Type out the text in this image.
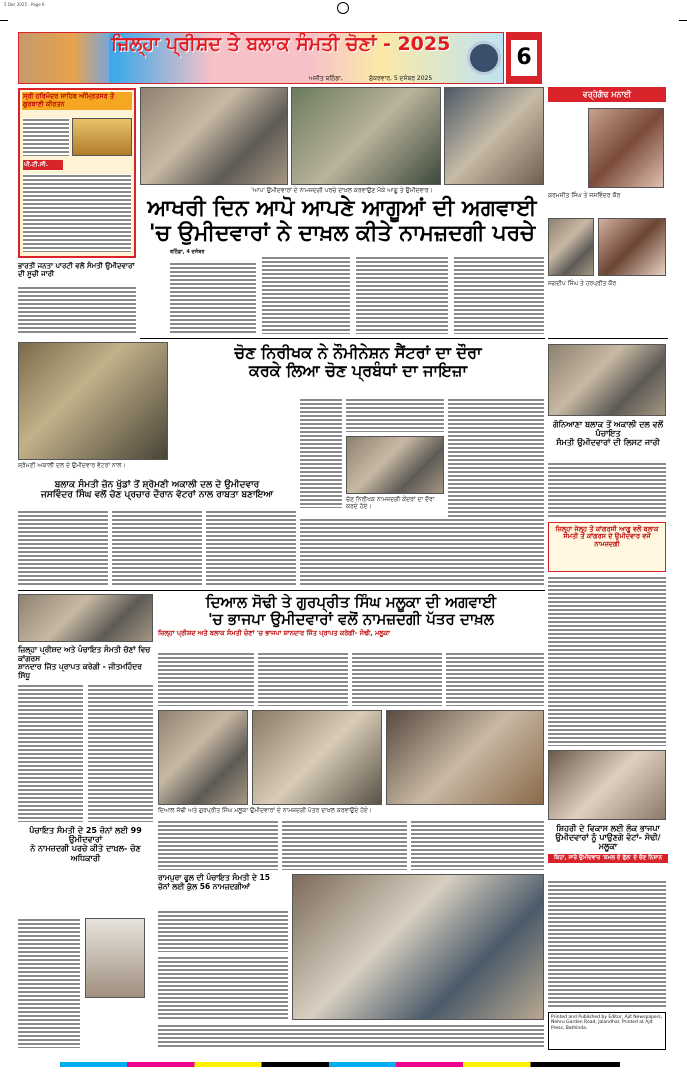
5 Dec 2025 - Page 6
ਜ਼ਿਲ੍ਹਾ ਪ੍ਰੀਸ਼ਦ ਤੇ ਬਲਾਕ ਸੰਮਤੀ ਚੋਣਾਂ - 2025
ਅਜੀਤ ਬਠਿੰਡਾ,	ਸ਼ੁੱਕਰਵਾਰ, 5 ਦਸੰਬਰ 2025
6
ਸ੍ਰੀ ਹਰਿਮੰਦਰ ਸਾਹਿਬ ਅੰਮ੍ਰਿਤਸਰ ਤੋਂ ਗੁਰਬਾਣੀ ਕੀਰਤਨ
ਪੀ.ਟੀ.ਸੀ.
ਭਾਰਤੀ ਜਨਤਾ ਪਾਰਟੀ ਵਲੋਂ ਸੰਮਤੀ ਉਮੀਦਵਾਰਾਂ ਦੀ ਸੂਚੀ ਜਾਰੀ
'ਆਪ' ਉਮੀਦਵਾਰਾਂ ਦੇ ਨਾਮਜ਼ਦਗੀ ਪਰਚੇ ਦਾਖ਼ਲ ਕਰਵਾਉਣ ਮੌਕੇ ਆਗੂ ਤੇ ਉਮੀਦਵਾਰ।
ਆਖਰੀ ਦਿਨ ਆਪੋ ਆਪਣੇ ਆਗੂਆਂ ਦੀ ਅਗਵਾਈ
'ਚ ਉਮੀਦਵਾਰਾਂ ਨੇ ਦਾਖ਼ਲ ਕੀਤੇ ਨਾਮਜ਼ਦਗੀ ਪਰਚੇ
ਬਠਿੰਡਾ, 4 ਦਸੰਬਰ
ਵਰ੍ਹੇਗੰਢ ਮਨਾਈ
ਕਰਮਜੀਤ ਸਿੰਘ ਤੇ ਜਸਵਿੰਦਰ ਕੌਰ
ਜਗਦੀਪ ਸਿੰਘ ਤੇ ਹਰਪ੍ਰੀਤ ਕੌਰ
ਸ਼੍ਰੋਮਣੀ ਅਕਾਲੀ ਦਲ ਦੇ ਉਮੀਦਵਾਰ ਵੋਟਰਾਂ ਨਾਲ।
ਚੋਣ ਨਿਰੀਖਕ ਨੇ ਨੌਮੀਨੇਸ਼ਨ ਸੈਂਟਰਾਂ ਦਾ ਦੌਰਾ
ਕਰਕੇ ਲਿਆ ਚੋਣ ਪ੍ਰਬੰਧਾਂ ਦਾ ਜਾਇਜ਼ਾ
ਚੋਣ ਨਿਰੀਖਕ ਨਾਮਜ਼ਦਗੀ ਕੇਂਦਰਾਂ ਦਾ ਦੌਰਾ ਕਰਦੇ ਹੋਏ।
ਗੋਨਿਆਣਾ ਬਲਾਕ ਤੋਂ ਅਕਾਲੀ ਦਲ ਵਲੋਂ ਪੰਚਾਇਤ
ਸੰਮਤੀ ਉਮੀਦਵਾਰਾਂ ਦੀ ਲਿਸਟ ਜਾਰੀ
ਬਲਾਕ ਸੰਮਤੀ ਜ਼ੋਨ ਖੁੱਡਾਂ ਤੋਂ ਸ਼੍ਰੋਮਣੀ ਅਕਾਲੀ ਦਲ ਦੇ ਉਮੀਦਵਾਰ
ਜਸਵਿੰਦਰ ਸਿੰਘ ਵਲੋਂ ਚੋਣ ਪ੍ਰਚਾਰ ਦੌਰਾਨ ਵੋਟਰਾਂ ਨਾਲ ਰਾਬਤਾ ਬਣਾਇਆ
ਜ਼ਿਲ੍ਹਾ ਜੇਲ੍ਹ ਤੋਂ ਕਾਂਗਰਸੀ ਆਗੂ ਵਲੋਂ ਬਲਾਕ ਸੰਮਤੀ ਤੋਂ ਕਾਂਗਰਸ ਦੇ ਉਮੀਦਵਾਰ ਵਜੋਂ ਨਾਮਜ਼ਦਗੀ
ਦਿਆਲ ਸੋਢੀ ਤੇ ਗੁਰਪ੍ਰੀਤ ਸਿੰਘ ਮਲੂਕਾ ਦੀ ਅਗਵਾਈ
'ਚ ਭਾਜਪਾ ਉਮੀਦਵਾਰਾਂ ਵਲੋਂ ਨਾਮਜ਼ਦਗੀ ਪੱਤਰ ਦਾਖ਼ਲ
ਜ਼ਿਲ੍ਹਾ ਪ੍ਰੀਸ਼ਦ ਅਤੇ ਬਲਾਕ ਸੰਮਤੀ ਚੋਣਾਂ 'ਚ ਭਾਜਪਾ ਸ਼ਾਨਦਾਰ ਜਿੱਤ ਪ੍ਰਾਪਤ ਕਰੇਗੀ- ਸੋਢੀ, ਮਲੂਕਾ
ਜ਼ਿਲ੍ਹਾ ਪ੍ਰੀਸ਼ਦ ਅਤੇ ਪੰਚਾਇਤ ਸੰਮਤੀ ਚੋਣਾਂ ਵਿਚ ਕਾਂਗਰਸ
ਸ਼ਾਨਦਾਰ ਜਿੱਤ ਪ੍ਰਾਪਤ ਕਰੇਗੀ - ਜੀਤਮਹਿੰਦਰ ਸਿੱਧੂ
ਦਿਆਲ ਸੋਢੀ ਅਤੇ ਗੁਰਪ੍ਰੀਤ ਸਿੰਘ ਮਲੂਕਾ ਉਮੀਦਵਾਰਾਂ ਦੇ ਨਾਮਜ਼ਦਗੀ ਪੱਤਰ ਦਾਖ਼ਲ ਕਰਵਾਉਂਦੇ ਹੋਏ।
ਸ਼ਿਹਰੀ ਦੇ ਵਿਕਾਸ ਲਈ ਲੋਕ ਭਾਜਪਾ
ਉਮੀਦਵਾਰਾਂ ਨੂੰ ਪਾਉਣਗੇ ਵੋਟਾਂ- ਸੋਢੀ/ਮਲੂਕਾ
ਕਿਹਾ, ਸਾਰੇ ਉਮੀਦਵਾਰ 'ਕਮਲ ਦੇ ਫੁੱਲ' ਦੇ ਚੋਣ ਨਿਸ਼ਾਨ
ਪੰਚਾਇਤ ਸੰਮਤੀ ਦੇ 25 ਜ਼ੋਨਾਂ ਲਈ 99 ਉਮੀਦਵਾਰਾਂ
ਨੇ ਨਾਮਜ਼ਦਗੀ ਪਰਚੇ ਕੀਤੇ ਦਾਖ਼ਲ- ਚੋਣ ਅਧਿਕਾਰੀ
ਰਾਮਪੁਰਾ ਫੂਲ ਦੀ ਪੰਚਾਇਤ ਸੰਮਤੀ ਦੇ 15
ਜ਼ੋਨਾਂ ਲਈ ਕੁੱਲ 56 ਨਾਮਜ਼ਦਗੀਆਂ
Printed and Published by Editor, Ajit Newspapers, Nehru Garden Road, Jalandhar. Printed at Ajit Press, Bathinda.
